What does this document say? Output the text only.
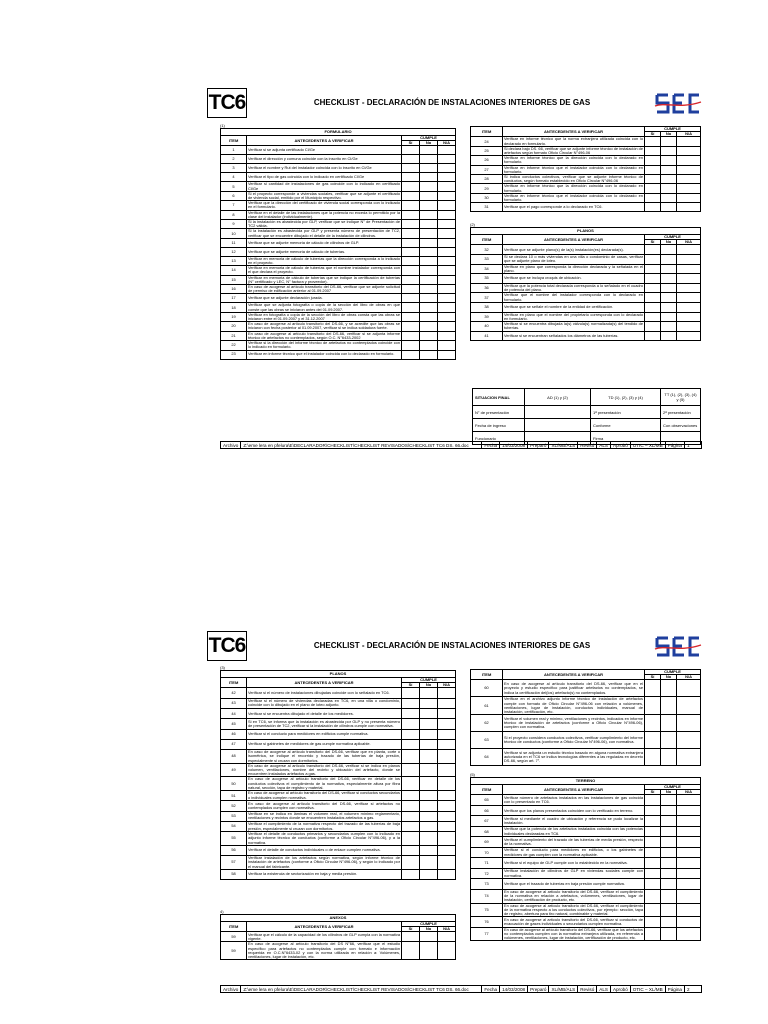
TC6	CHECKLIST - DECLARACIÓN DE INSTALACIONES INTERIORES DE GAS
(1)
FORMULARIO				
ITEM	ANTECEDENTES A VERIFICAR	CUMPLE		
		Sí	No	N/A
1	Verificar si se adjunta certificado CI/Ge			
2	Verificar el dirección y comuna coincide con la inscrito en CI/Ge			
3	Verificar el nombre y Rut del instalador coincida con lo inscrito en CI/Ge			
4	Verificar el tipo de gas coincida con lo indicado en certificado CI/Ge			
5	Verificar si cantidad de instalaciones de gas coincide con lo indicado en certificado CI/Ge			
6	Si el proyecto corresponde a viviendas sociales, verificar que se adjunte el certificado de vivienda social, emitido por el Municipio respectivo.			
7	Verificar que la dirección del certificado de vivienda social corresponda con lo indicado en el formulario.			
8	Verificar en el detalle de las instalaciones que la potencia no exceda lo permitido por la clase del instalador (individualmente).			
9	Si la instalación es abastecida por GLP, verificar que se indique N° de Presentación de TC2 válida.			
10	Si la instalación es abastecida por GLP y presenta número de presentación de TC2, verificar que se encuentre dibujado el detalle de la instalación de cilindros.			
11	Verificar que se adjunte memoria de cálculo de cilindros de GLP.			
12	Verificar que se adjunte memoria de cálculo de tuberías.			
13	Verificar en memoria de cálculo de tuberías que la dirección corresponda a lo indicado en el proyecto.			
14	Verificar en memoria de cálculo de tuberías que el nombre instalador corresponda con el que declara el proyecto.			
15	Verificar en memoria de cálculo de tuberías que se indique la certificación de tuberías (N° certificado y LEC, N° factura y proveedor).			
16	En caso de acogerse al artículo transitorio del DS-66, verificar que se adjunte solicitud de permiso de edificación anterior al 01.09.2007			
17	Verificar que se adjunte declaración jurada.			
18	Verificar que se adjunta fotografía o copia de la sección del libro de obras en que conste que las obras se iniciaron antes del 01.09.2007.			
19	Verificar en fotografía o copia de la sección del libro de obras consta que las obras se iniciaron entre el 01.09.2007 y el 31.12.2007			
20	En caso de acogerse al artículo transitorio del DS-66, y se acredite que las obras se iniciaron con fecha posterior al 01.09.2007, verificar si se indica soldadura fuerte.			
21	En caso de acogerse al artículo transitorio del DS-66, verificar si se adjunta informe técnico de artefactos no contemplados, según O.C. N°6433-2002			
22	Verificar si la dirección del informe técnico de artefactos no contemplados coincide con lo indicado en formulario.			
23	Verificar en informe técnico que el instalador coincida con lo declarado en formulario.			
ITEM	ANTECEDENTES A VERIFICAR	CUMPLE		
		Sí	No	N/A
24	Verificar en informe técnico que la norma extranjera utilizada coincida con lo declarado en formulario.			
25	Si declara bajo DS. 66, verificar que se adjunte informe técnico de instalación de artefactos según formato Oficio Circular N°496-06			
26	Verificar en informe técnico que la dirección coincida con lo declarado en formulario.			
27	Verificar en informe técnico que el instalador coincida con lo declarado en formulario.			
28	Si indica conductos colectivos, verificar que se adjunte informe técnico de conductos, según formato establecido en Oficio Circular N°496-06			
29	Verificar en informe técnico que la dirección coincida con lo declarado en formulario.			
30	Verificar en informe técnico que el instalador coincida con lo declarado en formulario.			
31	Verificar que el pago corresponde a lo declarado en TC6.			
(2)
PLANOS				
ITEM	ANTECEDENTES A VERIFICAR	CUMPLE		
		Sí	No	N/A
32	Verificar que se adjunte plano(s) de la(s) instalación(es) declarada(s).			
33	Si se declara 10 o más viviendas en una villa o condominio de casas, verificar que se adjunte plano de loteo.			
34	Verificar en plano que corresponda la dirección declarada y la señalada en el plano.			
35	Verificar que se incluya croquis de ubicación.			
36	Verificar que la potencia total declarada corresponda a lo señalado en el cuadro de potencia del plano.			
37	Verificar que el nombre del instalador corresponda con lo declarado en formulario.			
38	Verificar que se señale el nombre de la entidad de certificación.			
39	Verificar en plano que el nombre del propietario corresponda con lo declarado en formulario.			
40	Verificar si se encuentra dibujada la(s) válvula(s) normalizada(s) del tendido de tuberías.			
41	Verificar si se encuentran señalados los diámetros de las tuberías.			
SITUACION FINAL	AD (1) y (2)	TD (1), (2), (3) y (4)	TT (1), (2), (3), (4) y (5)
N° de presentación		1ª presentación	2ª presentación
Fecha de ingreso		Conforme	Con observaciones
Funcionario		Firma	
Archivo Z:\eme lera en pfelura\E\DECLARADOR\CHECKLIST\CHECKLIST REVISADOS\CHECKLIST TC6 DS. 66.doc	Fecha 14/03/2008 Preparó XL/MB/ALS Revisó ALS Aprobó OTIC – XL/MB Página 1
TC6	CHECKLIST - DECLARACIÓN DE INSTALACIONES INTERIORES DE GAS
(3)
PLANOS				
ITEM	ANTECEDENTES A VERIFICAR	CUMPLE		
		Sí	No	N/A
42	Verificar si el número de instalaciones dibujadas coincide con lo señalado en TC6.			
43	Verificar si el número de viviendas declaradas en TC6, en una villa o condominio, coincide con lo dibujado en el plano de loteo adjunto.			
44	Verificar si se encuentra dibujado el detalle de los medidores.			
45	Si en TC6, se informa que la instalación es abastecida por GLP y no presenta número de presentación de TC2, verificar si la instalación de cilindros cumple con normativa.			
46	Verificar si el conducto para medidores en edificios cumple normativa.			
47	Verificar si gabinetes de medidores de gas cumple normativa aplicable.			
48	En caso de acogerse al artículo transitorio del DS-66, verificar que en planta, corte o isométrica, se indique el recorrido y trazado de las tuberías de baja presión, especialmente si cruzan con dormitorios.			
49	En caso de acogerse al artículo transitorio del DS-66, verificar si se indica en planos volumen, ventilaciones, nombre del recinto y ubicación del artefacto, donde se encuentren instalados artefactos a gas.			
50	En caso de acogerse al artículo transitorio del DS-66, verificar en detalle de los conductos colectivos el cumplimiento de la normativa, especialmente altura por fibra natural, sección, tapa de registro y material.			
51	En caso de acogerse al artículo transitorio del DS-66, verificar si conductos secundarios o individuales cumplen normativa.			
52	En caso de acogerse al artículo transitorio del DS-66, verificar si artefactos no contemplados cumplen con normativa.			
53	Verificar en se indica en láminas el volumen real, el volumen mínimo reglamentario, ventilaciones y recintos donde se encuentren instalados artefactos a gas.			
54	Verificar el cumplimiento de la normativa respecto del trazado de las tuberías de baja presión, especialmente si cruzan con dormitorios.			
55	Verificar el detalle de conductos primarios y secundarios cumplen con lo indicado en adjunto informe técnico de conductos (conforme a Oficio Circular N°496-06), y a la normativa.			
56	Verificar el detalle de conductos individuales o de enlace cumplen normativa.			
57	Verificar instalación de los artefactos según normativa, según informe técnico de instalación de artefactos (conforme a Oficio Circular N°496-06), y según lo indicado por el manual del fabricante.			
58	Verificar la existencia de sectorización en baja y media presión.			
4)
ANEXOS				
ITEM	ANTECEDENTES A VERIFICAR	CUMPLE		
		Sí	No	N/A
59	Verificar que el cálculo de la capacidad de los cilindros de GLP cumpla con la normativa vigente.			
59	En caso de acogerse al artículo transitorio del DS N°66, verificar que el estudio específico para artefactos no contemplados cumple con formato e información requerida en O.C.N°6433-02 y con la norma utilizada en relación a: Volúmenes, ventilaciones, lugar de instalación, etc.			
ITEM	ANTECEDENTES A VERIFICAR	CUMPLE		
		Sí	No	N/A
60	En caso de acogerse al artículo transitorio del DS-66, verificar que en el proyecto y estudio específico para justificar artefactos no contemplados, se indica la certificación del(los) artefacto(s) no contemplados.			
61	Verificar en el archivo adjunto informe técnico de instalación de artefactos cumple con formato de Oficio Circular N°496-06 con relación a volúmenes, ventilaciones, lugar de instalación, conductos individuales, manual de instalación, certificación, etc.			
62	Verificar el volumen real y mínimo, ventilaciones y recintos, indicados en informe técnico de instalación de artefactos (conforme a Oficio Circular N°496-06), cumplen con normativa.			
63	Si el proyecto considera conductos colectivos, verificar cumplimiento del informe técnico de conductos (conforme a Oficio Circular N°496-06), con normativa.			
64	Verificar si se adjunta un estudio técnico basado en alguna normativa extranjera autorizada en el TC6 se indica tecnologías diferentes a las reguladas en decreto DS-66, según art. 7°.			
(5)
TERRENO				
ITEM	ANTECEDENTES A VERIFICAR	CUMPLE		
		Sí	No	N/A
65	Verificar número de artefactos instalados en las instalaciones de gas coincida con lo presentado en TC6.			
66	Verificar que los planos presentados coinciden con lo verificado en terreno.			
67	Verificar si mediante el cuadro de ubicación y referencia se pudo localizar la instalación.			
68	Verificar que la potencia de los artefactos instalados coincida con las potencias individuales declaradas en TC6.			
69	Verificar el cumplimiento del trazado de las tuberías de media presión, respecto de la normativa.			
70	Verificar si el conducto para medidores en edificios, o los gabinetes de medidores de gas cumplen con la normativa aplicable.			
71	Verificar si el equipo de GLP cumple con lo establecido en la normativa.			
72	Verificar instalación de cilindros de GLP en viviendas sociales cumple con normativa.			
73	Verificar que el trazado de tuberías en baja presión cumple normativa.			
74	En caso de acogerse al artículo transitorio del DS-66, verificar el cumplimiento de la normativa en relación a artefactos, volúmenes, ventilaciones, lugar de instalación, certificación de producto, etc.			
75	En caso de acogerse al artículo transitorio del DS-66, verificar el cumplimiento de la normativa respecto a los conductos colectivos, por ejemplo: sección, tapa de registro, abertura para tiro natural, combinable y material.			
76	En caso de acogerse al artículo transitorio del DS-66, verificar si conductos de evacuación de gases individuales o secundarios cumplen normativa.			
77	En caso de acogerse al artículo transitorio del DS-66, verificar que los artefactos no contemplados cumplen con la normativa extranjera utilizada, en referencia a volúmenes, ventilaciones, lugar de instalación, certificación de producto, etc.			
Archivo Z:\eme lera en pfelura\E\DECLARADOR\CHECKLIST\CHECKLIST REVISADOS\CHECKLIST TC6 DS. 66.doc	Fecha 14/03/2008 Preparó XL/MB/ALS Revisó ALS Aprobó OTIC – XL/MB Página 2
